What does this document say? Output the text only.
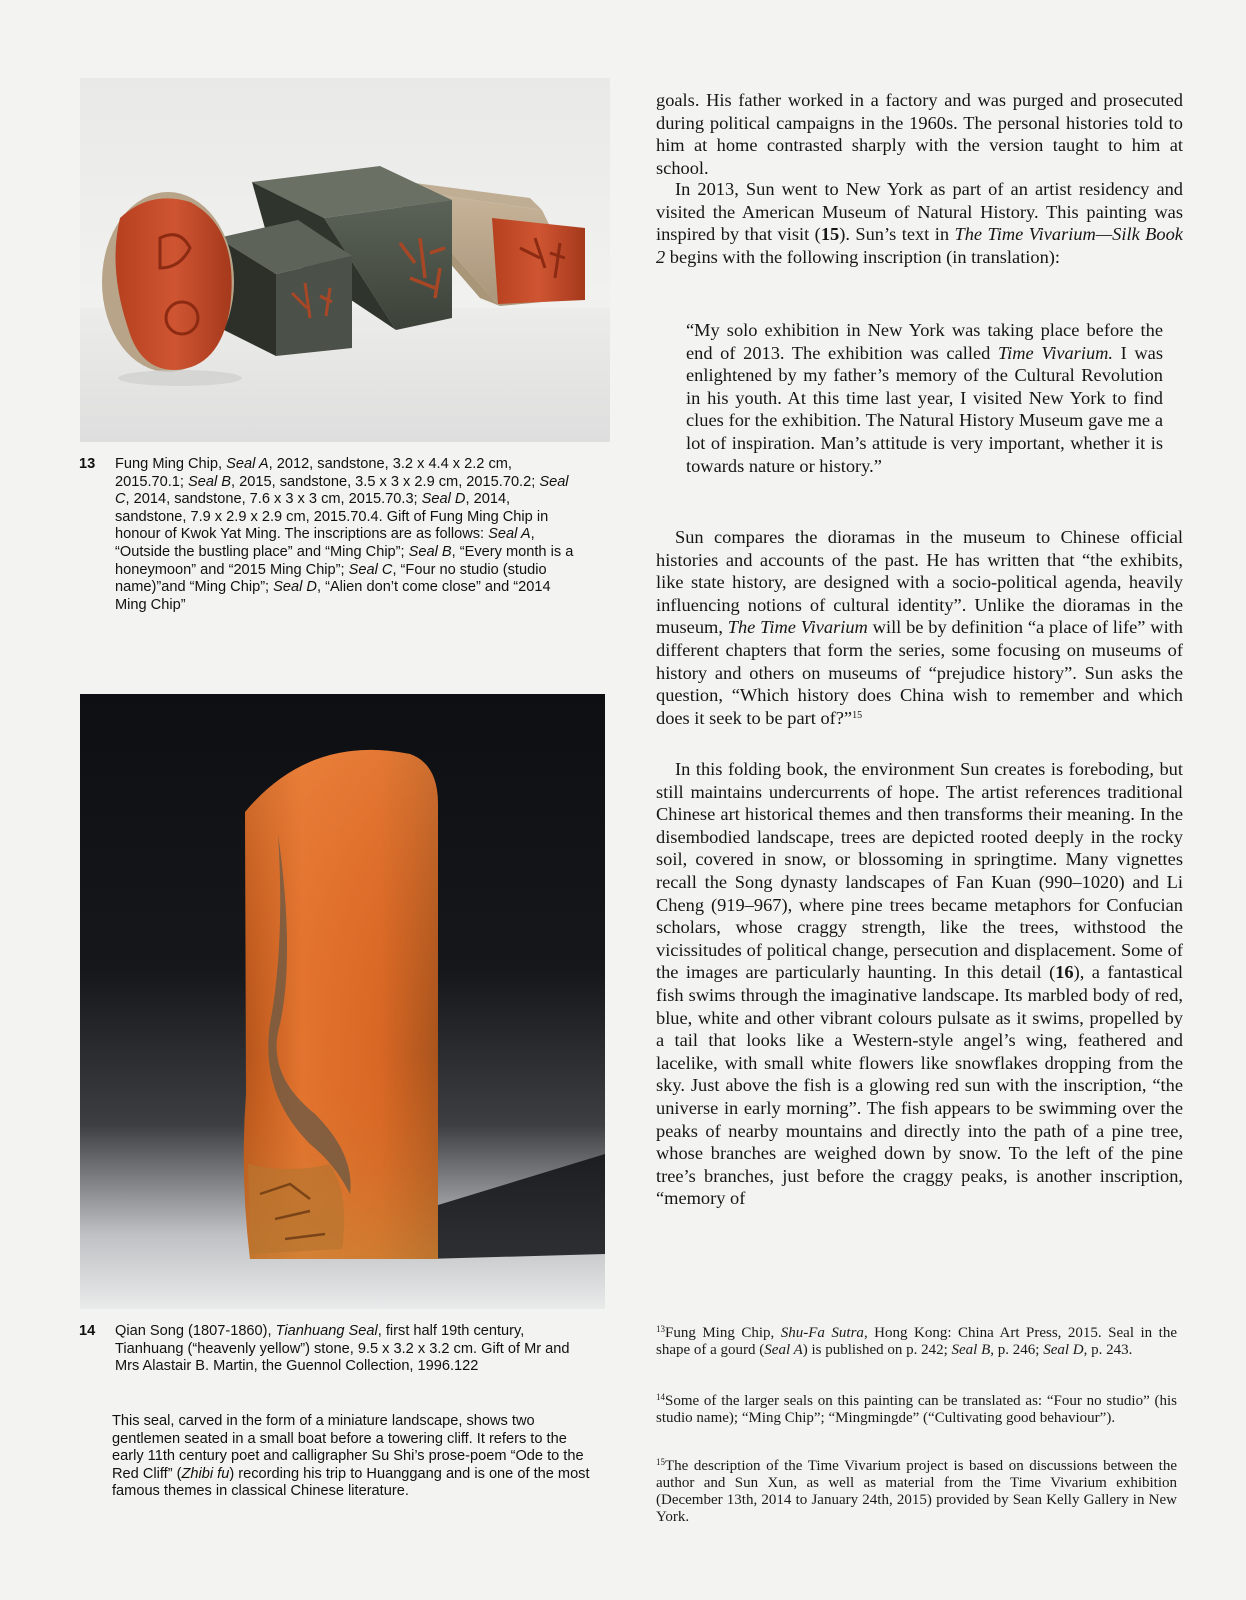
13 Fung Ming Chip, Seal A, 2012, sandstone, 3.2 x 4.4 x 2.2 cm, 2015.70.1; Seal B, 2015, sandstone, 3.5 x 3 x 2.9 cm, 2015.70.2; Seal C, 2014, sandstone, 7.6 x 3 x 3 cm, 2015.70.3; Seal D, 2014, sandstone, 7.9 x 2.9 x 2.9 cm, 2015.70.4. Gift of Fung Ming Chip in honour of Kwok Yat Ming. The inscriptions are as follows: Seal A, “Outside the bustling place” and “Ming Chip”; Seal B, “Every month is a honeymoon” and “2015 Ming Chip”; Seal C, “Four no studio (studio name)”and “Ming Chip”; Seal D, “Alien don’t come close” and “2014 Ming Chip”
14 Qian Song (1807-1860), Tianhuang Seal, first half 19th century, Tianhuang (“heavenly yellow”) stone, 9.5 x 3.2 x 3.2 cm. Gift of Mr and Mrs Alastair B. Martin, the Guennol Collection, 1996.122
This seal, carved in the form of a miniature landscape, shows two gentlemen seated in a small boat before a towering cliff. It refers to the early 11th century poet and calligrapher Su Shi’s prose-poem “Ode to the Red Cliff” (Zhibi fu) recording his trip to Huanggang and is one of the most famous themes in classical Chinese literature.

goals. His father worked in a factory and was purged and prosecuted during political campaigns in the 1960s. The personal histories told to him at home contrasted sharply with the version taught to him at school.

In 2013, Sun went to New York as part of an artist residency and visited the American Museum of Natural History. This painting was inspired by that visit (15). Sun’s text in The Time Vivarium—Silk Book 2 begins with the following inscription (in translation):

“My solo exhibition in New York was taking place before the end of 2013. The exhibition was called Time Vivarium. I was enlightened by my father’s memory of the Cultural Revolution in his youth. At this time last year, I visited New York to find clues for the exhibition. The Natural History Museum gave me a lot of inspiration. Man’s attitude is very important, whether it is towards nature or history.”

Sun compares the dioramas in the museum to Chinese official histories and accounts of the past. He has written that “the exhibits, like state history, are designed with a socio-political agenda, heavily influencing notions of cultural identity”. Unlike the dioramas in the museum, The Time Vivarium will be by definition “a place of life” with different chapters that form the series, some focusing on museums of history and others on museums of “prejudice history”. Sun asks the question, “Which history does China wish to remember and which does it seek to be part of?”$^{15}$

In this folding book, the environment Sun creates is foreboding, but still maintains undercurrents of hope. The artist references traditional Chinese art historical themes and then transforms their meaning. In the disembodied landscape, trees are depicted rooted deeply in the rocky soil, covered in snow, or blossoming in springtime. Many vignettes recall the Song dynasty landscapes of Fan Kuan (990–1020) and Li Cheng (919–967), where pine trees became metaphors for Confucian scholars, whose craggy strength, like the trees, withstood the vicissitudes of political change, persecution and displacement. Some of the images are particularly haunting. In this detail (16), a fantastical fish swims through the imaginative landscape. Its marbled body of red, blue, white and other vibrant colours pulsate as it swims, propelled by a tail that looks like a Western-style angel’s wing, feathered and lacelike, with small white flowers like snowflakes dropping from the sky. Just above the fish is a glowing red sun with the inscription, “the universe in early morning”. The fish appears to be swimming over the peaks of nearby mountains and directly into the path of a pine tree, whose branches are weighed down by snow. To the left of the pine tree’s branches, just before the craggy peaks, is another inscription, “memory of

$^{13}$Fung Ming Chip, Shu-Fa Sutra, Hong Kong: China Art Press, 2015. Seal in the shape of a gourd (Seal A) is published on p. 242; Seal B, p. 246; Seal D, p. 243.
$^{14}$Some of the larger seals on this painting can be translated as: “Four no studio” (his studio name); “Ming Chip”; “Mingmingde” (“Cultivating good behaviour”).
$^{15}$The description of the Time Vivarium project is based on discussions between the author and Sun Xun, as well as material from the Time Vivarium exhibition (December 13th, 2014 to January 24th, 2015) provided by Sean Kelly Gallery in New York.
